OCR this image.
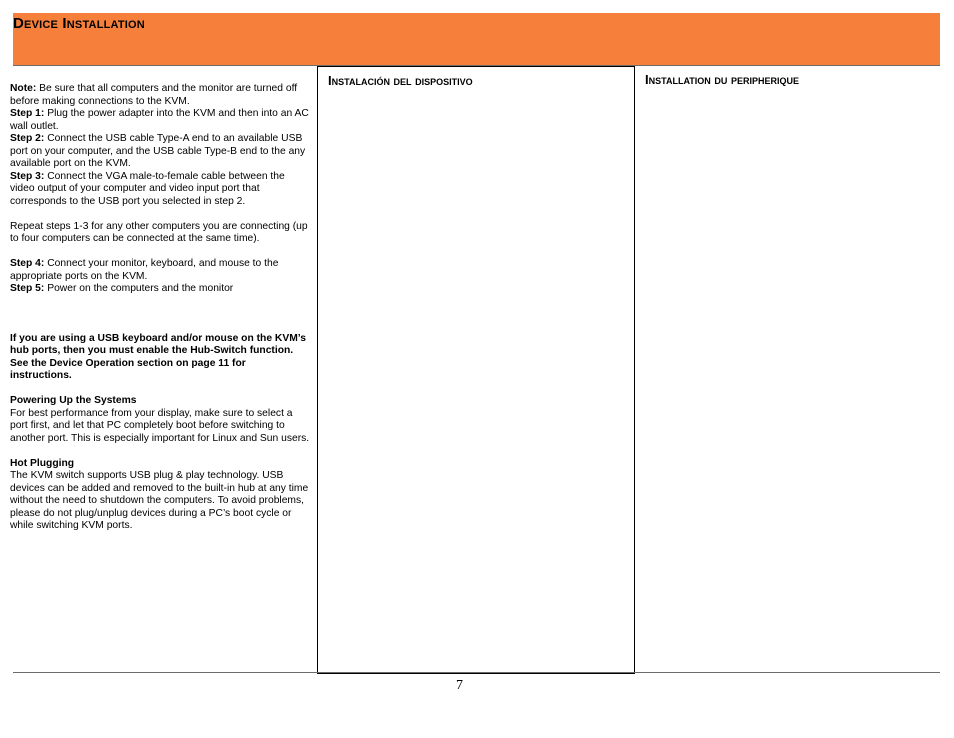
Device Installation

Note: Be sure that all computers and the monitor are turned off before making connections to the KVM.

Step 1: Plug the power adapter into the KVM and then into an AC wall outlet.

Step 2: Connect the USB cable Type-A end to an available USB port on your computer, and the USB cable Type-B end to the any available port on the KVM.

Step 3: Connect the VGA male-to-female cable between the video output of your computer and video input port that corresponds to the USB port you selected in step 2.

Repeat steps 1-3 for any other computers you are connecting (up to four computers can be connected at the same time).

Step 4: Connect your monitor, keyboard, and mouse to the appropriate ports on the KVM.

Step 5: Power on the computers and the monitor

If you are using a USB keyboard and/or mouse on the KVM’s hub ports, then you must enable the Hub-Switch function. See the Device Operation section on page 11 for instructions.

Powering Up the Systems

For best performance from your display, make sure to select a port first, and let that PC completely boot before switching to another port. This is especially important for Linux and Sun users.

Hot Plugging

The KVM switch supports USB plug & play technology. USB devices can be added and removed to the built-in hub at any time without the need to shutdown the computers. To avoid problems, please do not plug/unplug devices during a PC’s boot cycle or while switching KVM ports.

Instalación del dispositivo	Installation du peripherique
7
